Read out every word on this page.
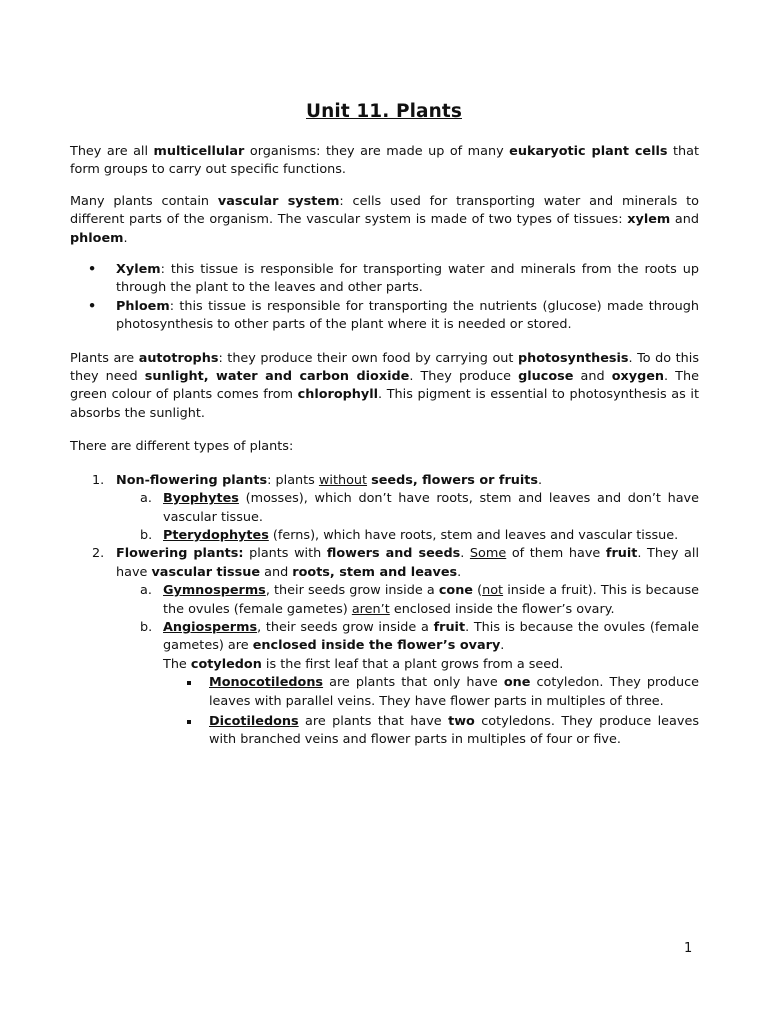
Unit 11. Plants

They are all multicellular organisms: they are made up of many eukaryotic plant cells that form groups to carry out specific functions.

Many plants contain vascular system: cells used for transporting water and minerals to different parts of the organism. The vascular system is made of two types of tissues: xylem and phloem.

• Xylem: this tissue is responsible for transporting water and minerals from the roots up through the plant to the leaves and other parts.
• Phloem: this tissue is responsible for transporting the nutrients (glucose) made through photosynthesis to other parts of the plant where it is needed or stored.

Plants are autotrophs: they produce their own food by carrying out photosynthesis. To do this they need sunlight, water and carbon dioxide. They produce glucose and oxygen. The green colour of plants comes from chlorophyll. This pigment is essential to photosynthesis as it absorbs the sunlight.

There are different types of plants:

1. Non-flowering plants: plants without seeds, flowers or fruits.
a. Byophytes (mosses), which don’t have roots, stem and leaves and don’t have vascular tissue.
b. Pterydophytes (ferns), which have roots, stem and leaves and vascular tissue.
2. Flowering plants: plants with flowers and seeds. Some of them have fruit. They all have vascular tissue and roots, stem and leaves.
a. Gymnosperms, their seeds grow inside a cone (not inside a fruit). This is because the ovules (female gametes) aren’t enclosed inside the flower’s ovary.
b. Angiosperms, their seeds grow inside a fruit. This is because the ovules (female gametes) are enclosed inside the flower’s ovary.
The cotyledon is the first leaf that a plant grows from a seed.
Monocotiledons are plants that only have one cotyledon. They produce leaves with parallel veins. They have flower parts in multiples of three.
Dicotiledons are plants that have two cotyledons. They produce leaves with branched veins and flower parts in multiples of four or five.
1
